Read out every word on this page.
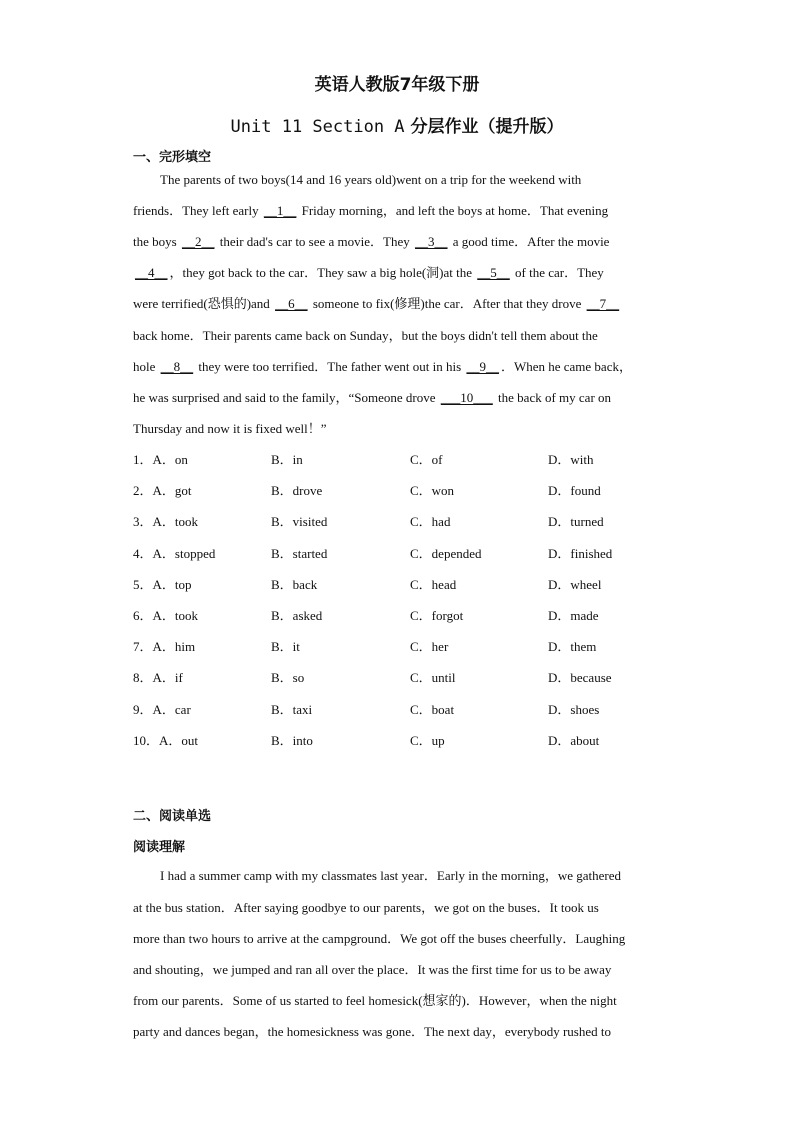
英语人教版7年级下册
Unit 11 Section A 分层作业（提升版）
一、完形填空
The parents of two boys(14 and 16 years old)went on a trip for the weekend with
friends．They left early __1__ Friday morning，and left the boys at home．That evening
the boys __2__ their dad's car to see a movie．They __3__ a good time．After the movie
__4__ ，they got back to the car．They saw a big hole(洞)at the __5__ of the car．They
were terrified(恐惧的)and __6__ someone to fix(修理)the car．After that they drove __7__
back home．Their parents came back on Sunday，but the boys didn't tell them about the
hole __8__ they were too terrified．The father went out in his __9__ ．When he came back，
he was surprised and said to the family，“Someone drove ___10___ the back of my car on
Thursday and now it is fixed well！”
1．A．on	B．in	C．of	D．with
2．A．got	B．drove	C．won	D．found
3．A．took	B．visited	C．had	D．turned
4．A．stopped	B．started	C．depended	D．finished
5．A．top	B．back	C．head	D．wheel
6．A．took	B．asked	C．forgot	D．made
7．A．him	B．it	C．her	D．them
8．A．if	B．so	C．until	D．because
9．A．car	B．taxi	C．boat	D．shoes
10．A．out	B．into	C．up	D．about
二、阅读单选
阅读理解
I had a summer camp with my classmates last year．Early in the morning，we gathered
at the bus station．After saying goodbye to our parents，we got on the buses．It took us
more than two hours to arrive at the campground．We got off the buses cheerfully．Laughing
and shouting，we jumped and ran all over the place．It was the first time for us to be away
from our parents．Some of us started to feel homesick(想家的)．However，when the night
party and dances began，the homesickness was gone．The next day，everybody rushed to
